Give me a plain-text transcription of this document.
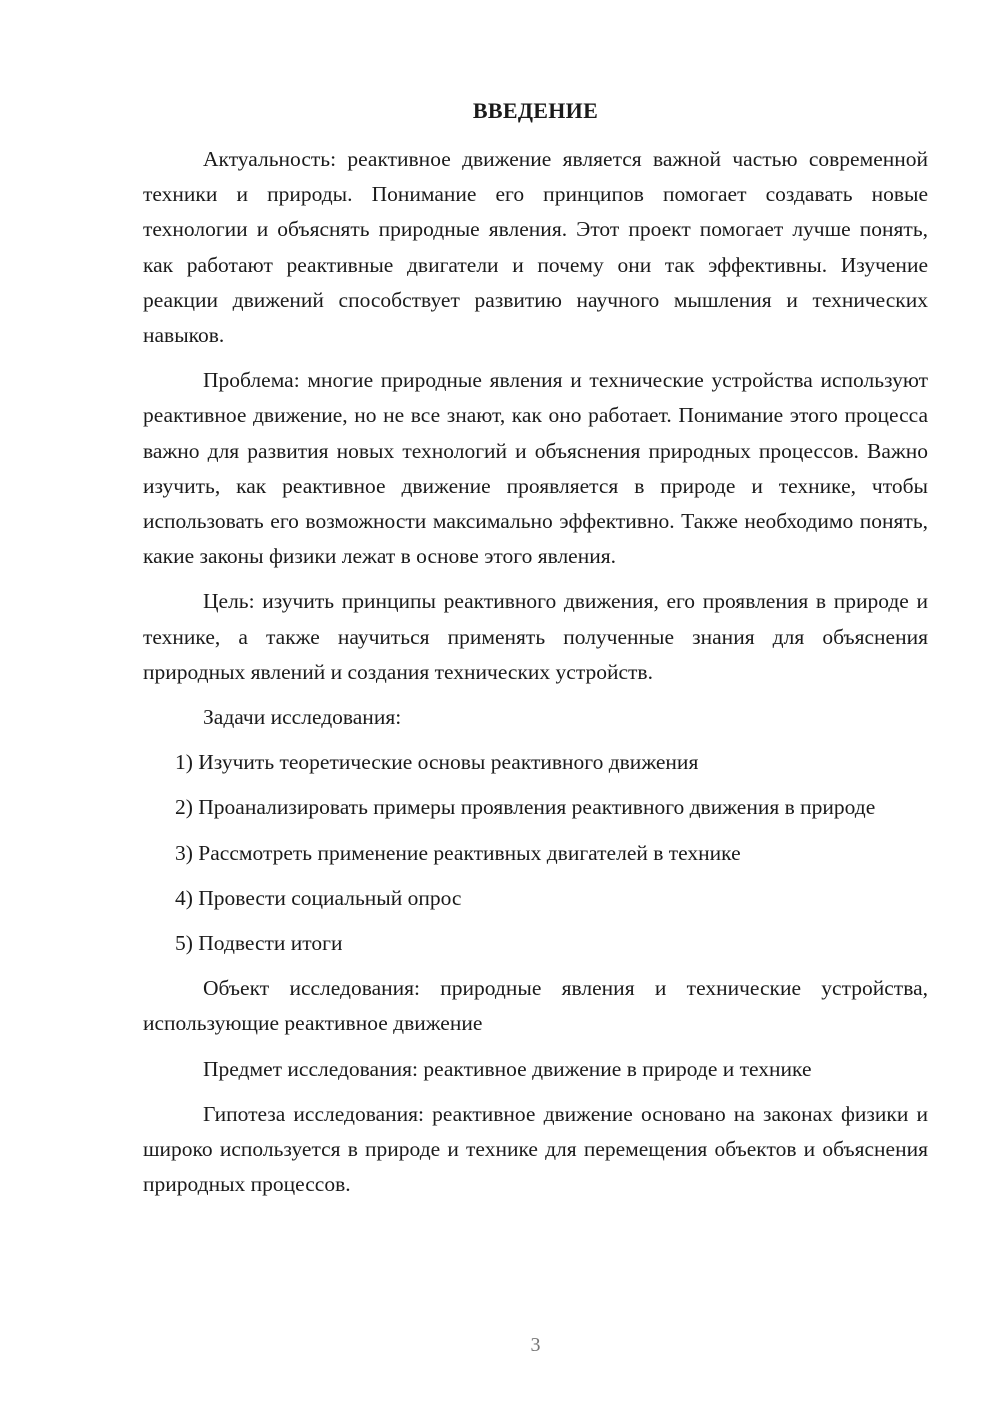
ВВЕДЕНИЕ

Актуальность: реактивное движение является важной частью современной техники и природы. Понимание его принципов помогает создавать новые технологии и объяснять природные явления. Этот проект помогает лучше понять, как работают реактивные двигатели и почему они так эффективны. Изучение реакции движений способствует развитию научного мышления и технических навыков.

Проблема: многие природные явления и технические устройства используют реактивное движение, но не все знают, как оно работает. Понимание этого процесса важно для развития новых технологий и объяснения природных процессов. Важно изучить, как реактивное движение проявляется в природе и технике, чтобы использовать его возможности максимально эффективно. Также необходимо понять, какие законы физики лежат в основе этого явления.

Цель: изучить принципы реактивного движения, его проявления в природе и технике, а также научиться применять полученные знания для объяснения природных явлений и создания технических устройств.

Задачи исследования:

1) Изучить теоретические основы реактивного движения

2) Проанализировать примеры проявления реактивного движения в природе

3) Рассмотреть применение реактивных двигателей в технике

4) Провести социальный опрос

5) Подвести итоги

Объект исследования: природные явления и технические устройства, использующие реактивное движение

Предмет исследования: реактивное движение в природе и технике

Гипотеза исследования: реактивное движение основано на законах физики и широко используется в природе и технике для перемещения объектов и объяснения природных процессов.

3
